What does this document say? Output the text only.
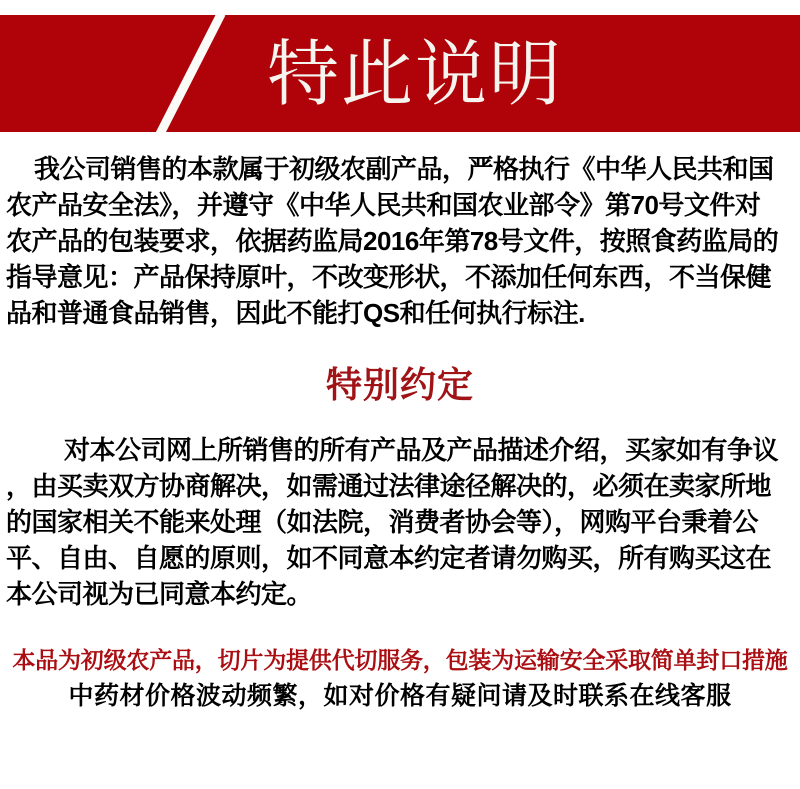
特此说明
我公司销售的本款属于初级农副产品，严格执行《中华人民共和国
农产品安全法》，并遵守《中华人民共和国农业部令》第70号文件对
农产品的包装要求，依据药监局2016年第78号文件，按照食药监局的
指导意见：产品保持原叶，不改变形状，不添加任何东西，不当保健
品和普通食品销售，因此不能打QS和任何执行标注.
特别约定
对本公司网上所销售的所有产品及产品描述介绍，买家如有争议
，由买卖双方协商解决，如需通过法律途径解决的，必须在卖家所地
的国家相关不能来处理（如法院，消费者协会等），网购平台秉着公
平、自由、自愿的原则，如不同意本约定者请勿购买，所有购买这在
本公司视为已同意本约定。
本品为初级农产品，切片为提供代切服务，包装为运输安全采取简单封口措施
中药材价格波动频繁，如对价格有疑问请及时联系在线客服
